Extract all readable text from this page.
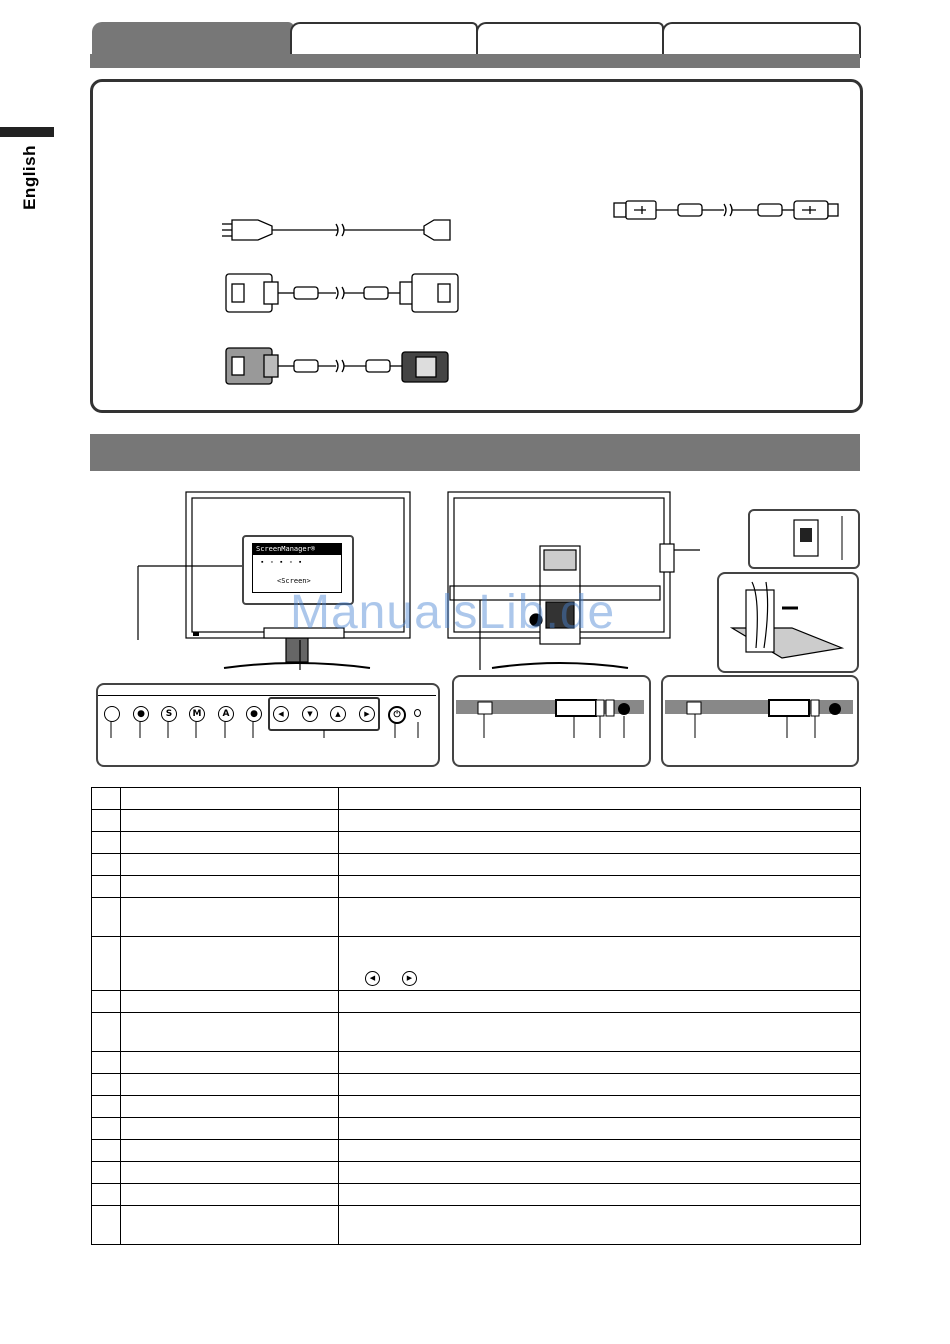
English
ScreenManager®
▪▫▪▫▪
<Screen>
●	S	M	A	●	◀	▼	▲	▶	⏻
ManualsLib.de

		◀ ▶
